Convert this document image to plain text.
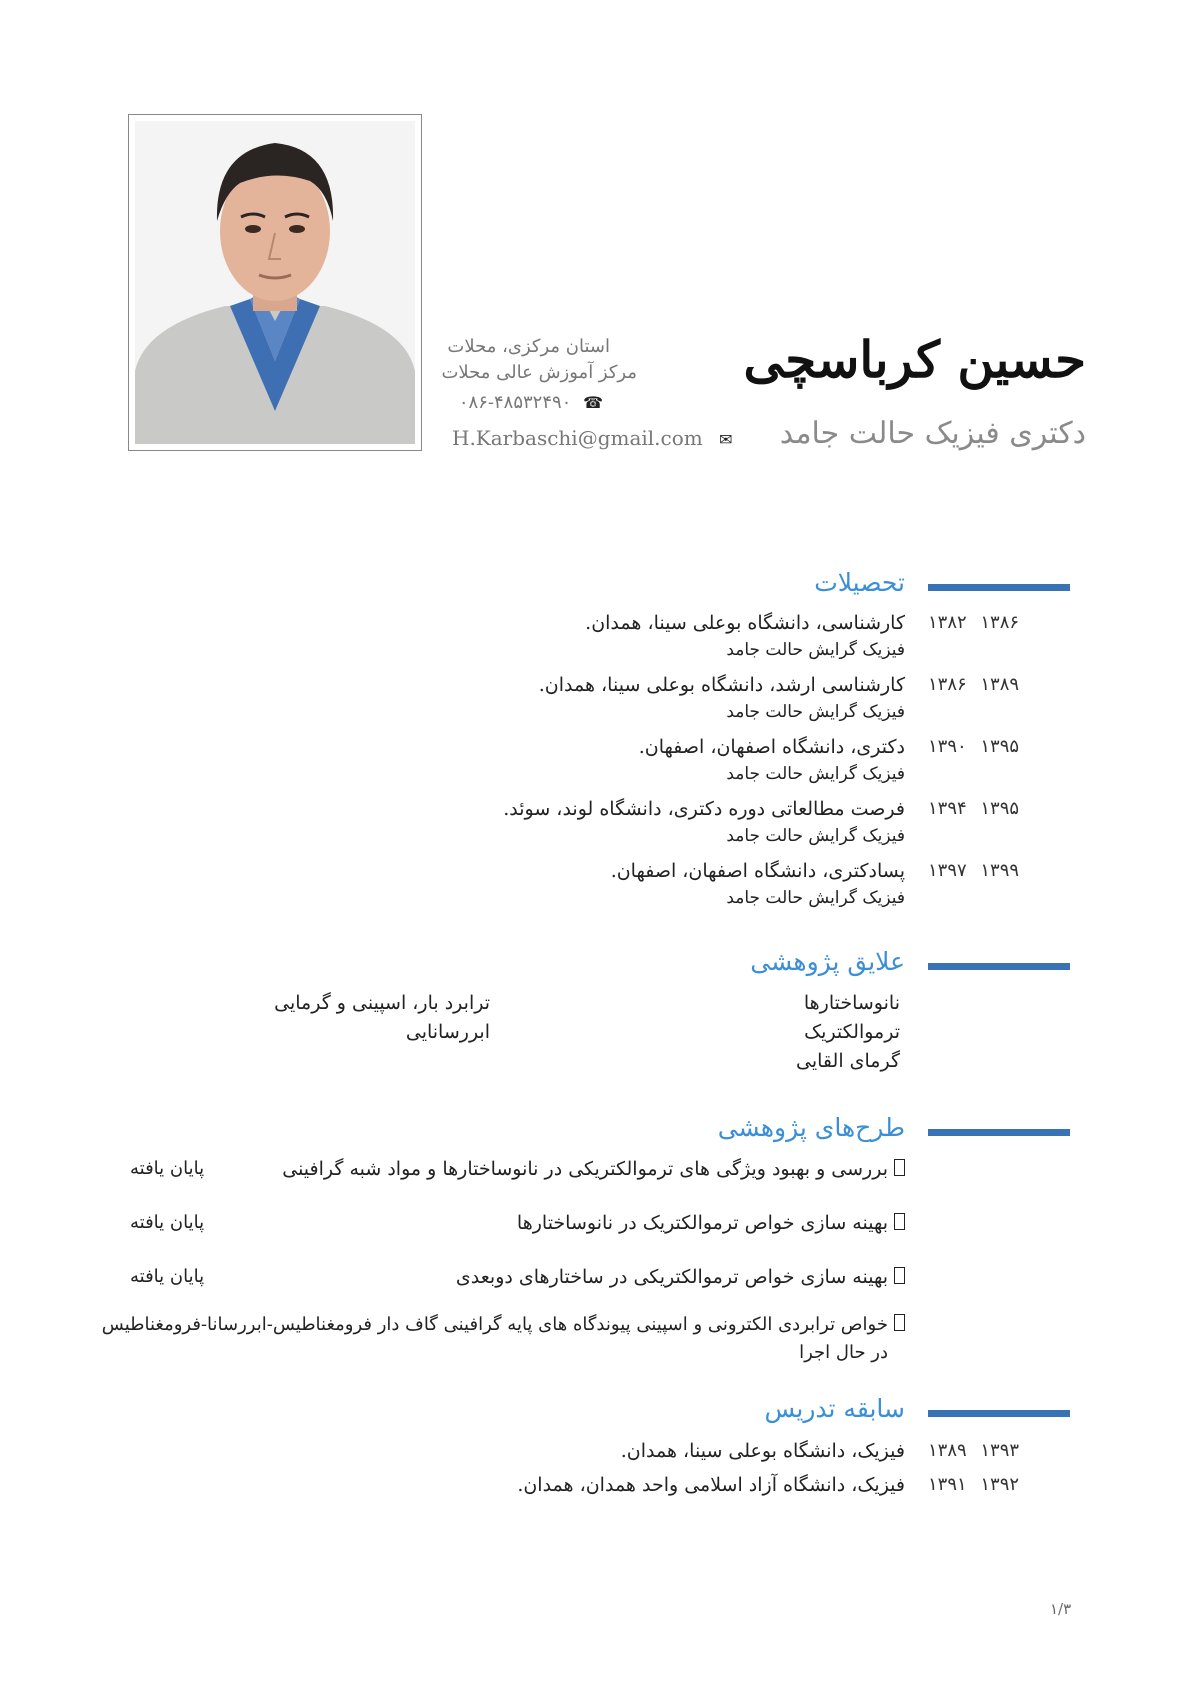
حسین کرباسچی
دکتری فیزیک حالت جامد
استان مرکزی، محلات
مرکز آموزش عالی محلات
۰۸۶-۴۸۵۳۲۴۹۰ ☎
H.Karbaschi@gmail.com ✉
تحصیلات
۱۳۸۲ ۱۳۸۶
کارشناسی، دانشگاه بوعلی سینا، همدان.
فیزیک گرایش حالت جامد
۱۳۸۶ ۱۳۸۹
کارشناسی ارشد، دانشگاه بوعلی سینا، همدان.
فیزیک گرایش حالت جامد
۱۳۹۰ ۱۳۹۵
دکتری، دانشگاه اصفهان، اصفهان.
فیزیک گرایش حالت جامد
۱۳۹۴ ۱۳۹۵
فرصت مطالعاتی دوره دکتری، دانشگاه لوند، سوئد.
فیزیک گرایش حالت جامد
۱۳۹۷ ۱۳۹۹
پسادکتری، دانشگاه اصفهان، اصفهان.
فیزیک گرایش حالت جامد
علایق پژوهشی
نانوساختارها
ترموالکتریک
گرمای القایی
ترابرد بار، اسپینی و گرمایی
ابررسانایی
طرح‌های پژوهشی
بررسی و بهبود ویژگی های ترموالکتریکی در نانوساختارها و مواد شبه گرافینی
پایان یافته
بهینه سازی خواص ترموالکتریک در نانوساختارها
پایان یافته
بهینه سازی خواص ترموالکتریکی در ساختارهای دوبعدی
پایان یافته
خواص ترابردی الکترونی و اسپینی پیوندگاه های پایه گرافینی گاف دار فرومغناطیس-ابررسانا-فرومغناطیس
در حال اجرا
سابقه تدریس
۱۳۸۹ ۱۳۹۳
فیزیک، دانشگاه بوعلی سینا، همدان.
۱۳۹۱ ۱۳۹۲
فیزیک، دانشگاه آزاد اسلامی واحد همدان، همدان.
۱/۳
